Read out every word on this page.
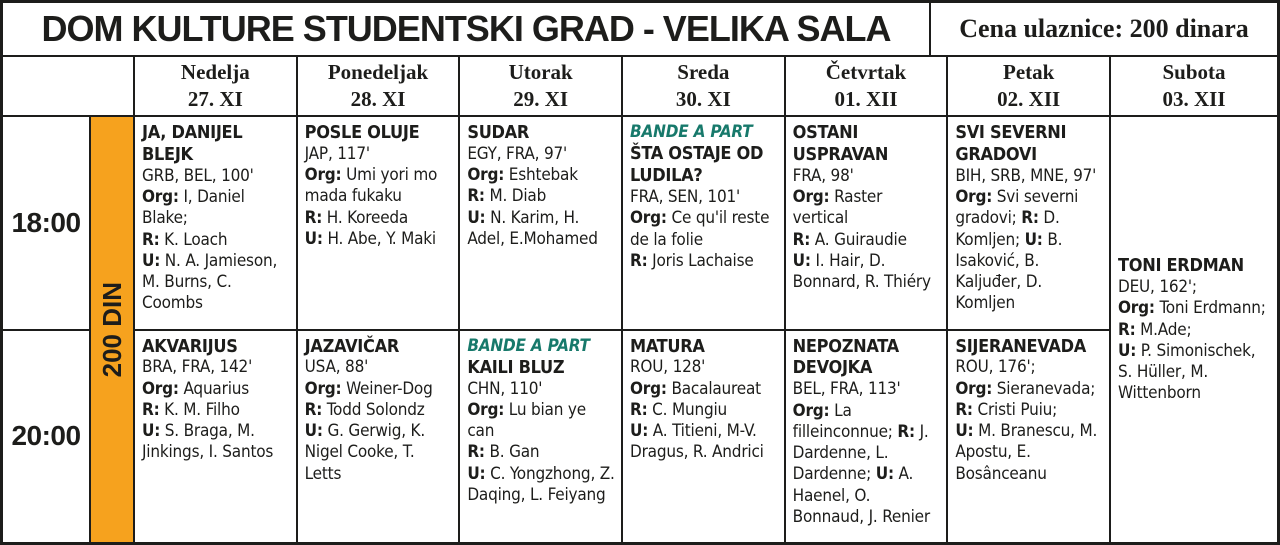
DOM KULTURE STUDENTSKI GRAD - VELIKA SALA	Cena ulaznice: 200 dinara
Nedelja
27. XI
Ponedeljak
28. XI
Utorak
29. XI
Sreda
30. XI
Četvrtak
01. XII
Petak
02. XII
Subota
03. XII
18:00
20:00
200 DIN
JA, DANIJEL BLEJK
GRB, BEL, 100'
Org: I, Daniel Blake;
R: K. Loach
U: N. A. Jamieson, M. Burns, C. Coombs
POSLE OLUJE
JAP, 117'
Org: Umi yori mo mada fukaku
R: H. Koreeda
U: H. Abe, Y. Maki
SUDAR
EGY, FRA, 97'
Org: Eshtebak
R: M. Diab
U: N. Karim, H. Adel, E.Mohamed
BANDE A PART
ŠTA OSTAJE OD LUDILA?
FRA, SEN, 101'
Org: Ce qu'il reste de la folie
R: Joris Lachaise
OSTANI USPRAVAN
FRA, 98'
Org: Raster vertical
R: A. Guiraudie
U: I. Hair, D. Bonnard, R. Thiéry
SVI SEVERNI GRADOVI
BIH, SRB, MNE, 97'
Org: Svi severni gradovi; R: D. Komljen; U: B. Isaković, B. Kaljuđer, D. Komljen
AKVARIJUS
BRA, FRA, 142'
Org: Aquarius
R: K. M. Filho
U: S. Braga, M. Jinkings, I. Santos
JAZAVIČAR
USA, 88'
Org: Weiner-Dog
R: Todd Solondz
U: G. Gerwig, K. Nigel Cooke, T. Letts
BANDE A PART
KAILI BLUZ
CHN, 110'
Org: Lu bian ye can
R: B. Gan
U: C. Yongzhong, Z. Daqing, L. Feiyang
MATURA
ROU, 128'
Org: Bacalaureat
R: C. Mungiu
U: A. Titieni, M-V. Dragus, R. Andrici
NEPOZNATA DEVOJKA
BEL, FRA, 113'
Org: La filleinconnue; R: J. Dardenne, L. Dardenne; U: A. Haenel, O. Bonnaud, J. Renier
SIJERANEVADA
ROU, 176';
Org: Sieranevada;
R: Cristi Puiu;
U: M. Branescu, M. Apostu, E. Bosânceanu
TONI ERDMAN
DEU, 162';
Org: Toni Erdmann;
R: M.Ade;
U: P. Simonischek, S. Hüller, M. Wittenborn
